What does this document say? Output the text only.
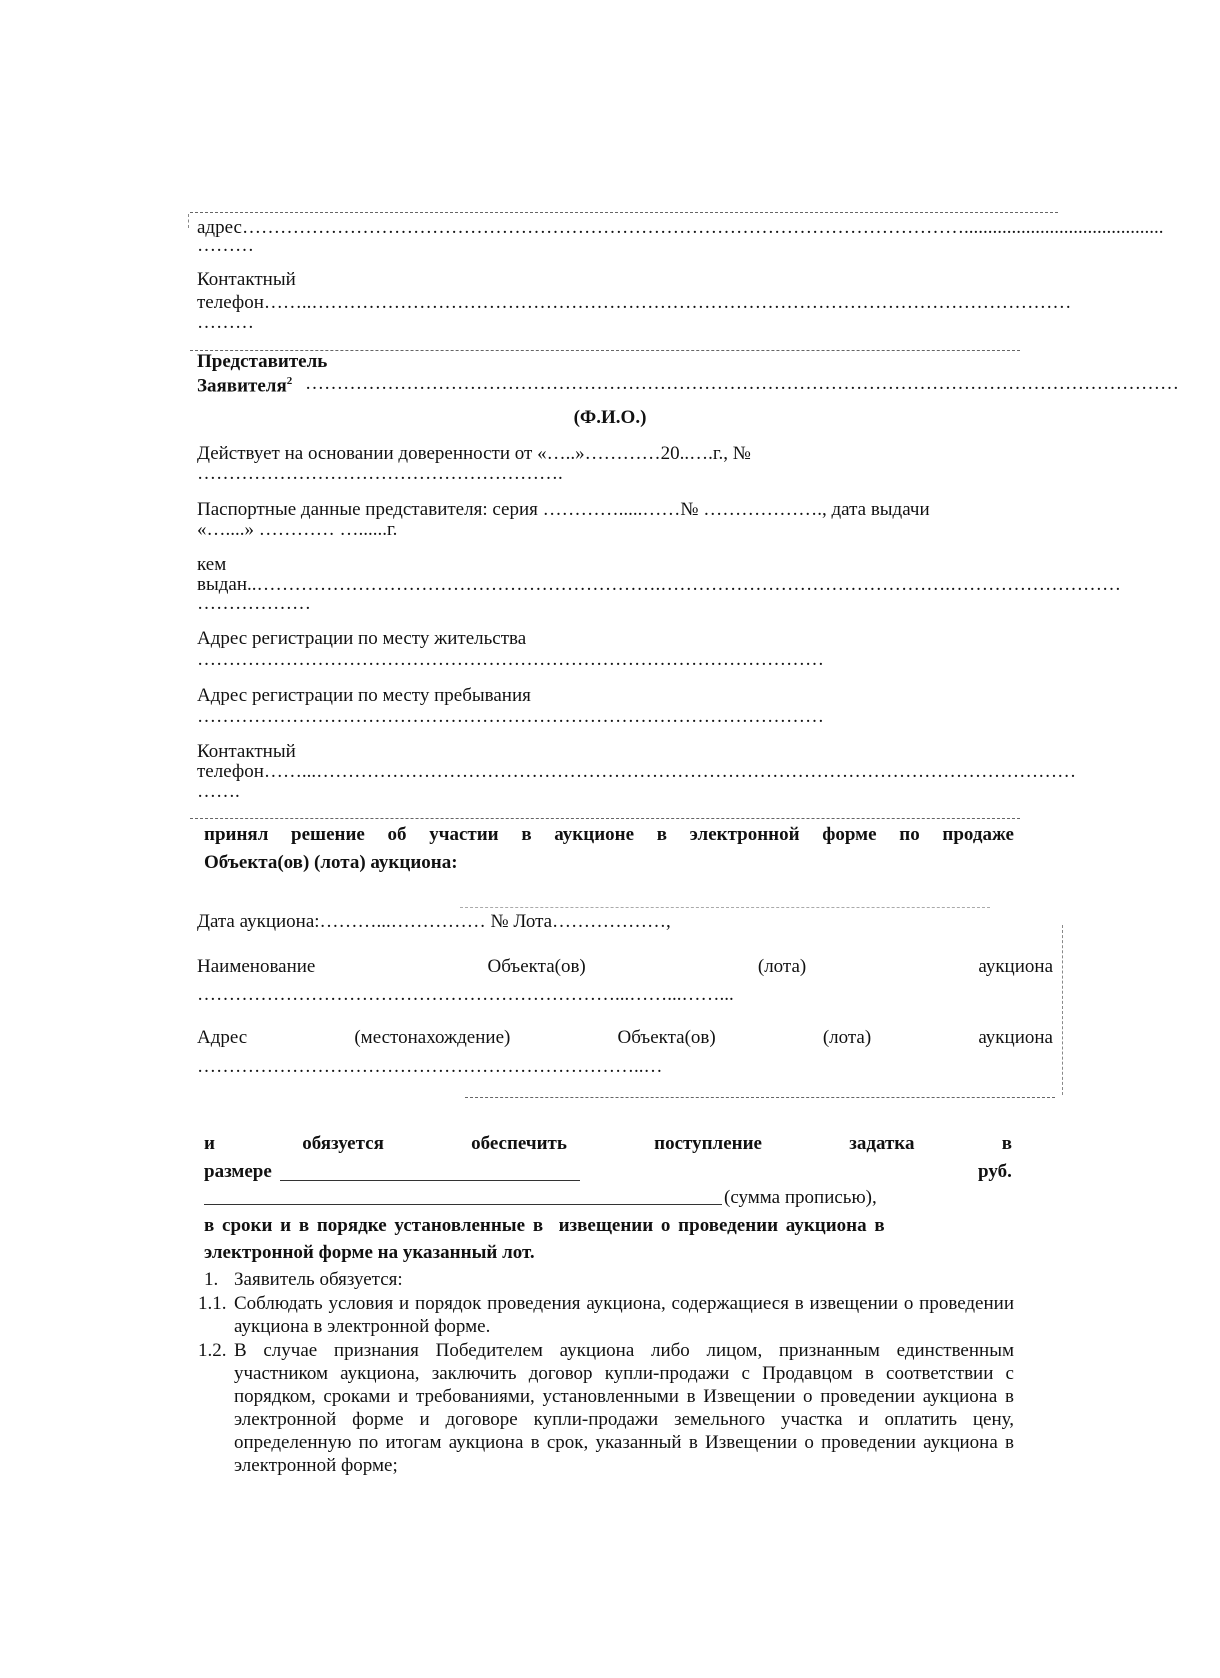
адрес……………………………………………………………………………………………………..........................................
………
Контактный
телефон……..…………………………………………………………………………………………………………
………
Представитель
Заявителя$^2$ …………………………………………………………………………………………………………………………
(Ф.И.О.)
Действует на основании доверенности от «…..»…………20..….г., №
………………………………………………….
Паспортные данные представителя: серия ………….....……№ ………………., дата выдачи
«…....» ………… …......г.
кем
выдан..……………………………………………………….……………………………………….………………………
………………
Адрес регистрации по месту жительства
………………………………………………………………………………………
Адрес регистрации по месту пребывания
………………………………………………………………………………………
Контактный
телефон……...…………………………………………………………………………………………………………
…….
принял решение об участии в аукционе в электронной форме по продаже
Объекта(ов) (лота) аукциона:
Дата аукциона:………...…………… № Лота………………,
Наименование	Объекта(ов)	(лота)	аукциона
…………………………………………………………...……...……...
Адрес	(местонахождение)	Объекта(ов)	(лота)	аукциона
……………………………………………………………..…
и	обязуется	обеспечить	поступление	задатка	в
размере	руб.
(сумма прописью),
в сроки и в порядке установленные в  извещении о проведении аукциона в
электронной форме на указанный лот.
1. Заявитель обязуется:
1.1. Соблюдать условия и порядок проведения аукциона, содержащиеся в извещении о проведении аукциона в электронной форме.
1.2. В случае признания Победителем аукциона либо лицом, признанным единственным участником аукциона, заключить договор купли-продажи с Продавцом в соответствии с порядком, сроками и требованиями, установленными в Извещении о проведении аукциона в электронной форме и договоре купли-продажи земельного участка и оплатить цену, определенную по итогам аукциона в срок, указанный в Извещении о проведении аукциона в электронной форме;
